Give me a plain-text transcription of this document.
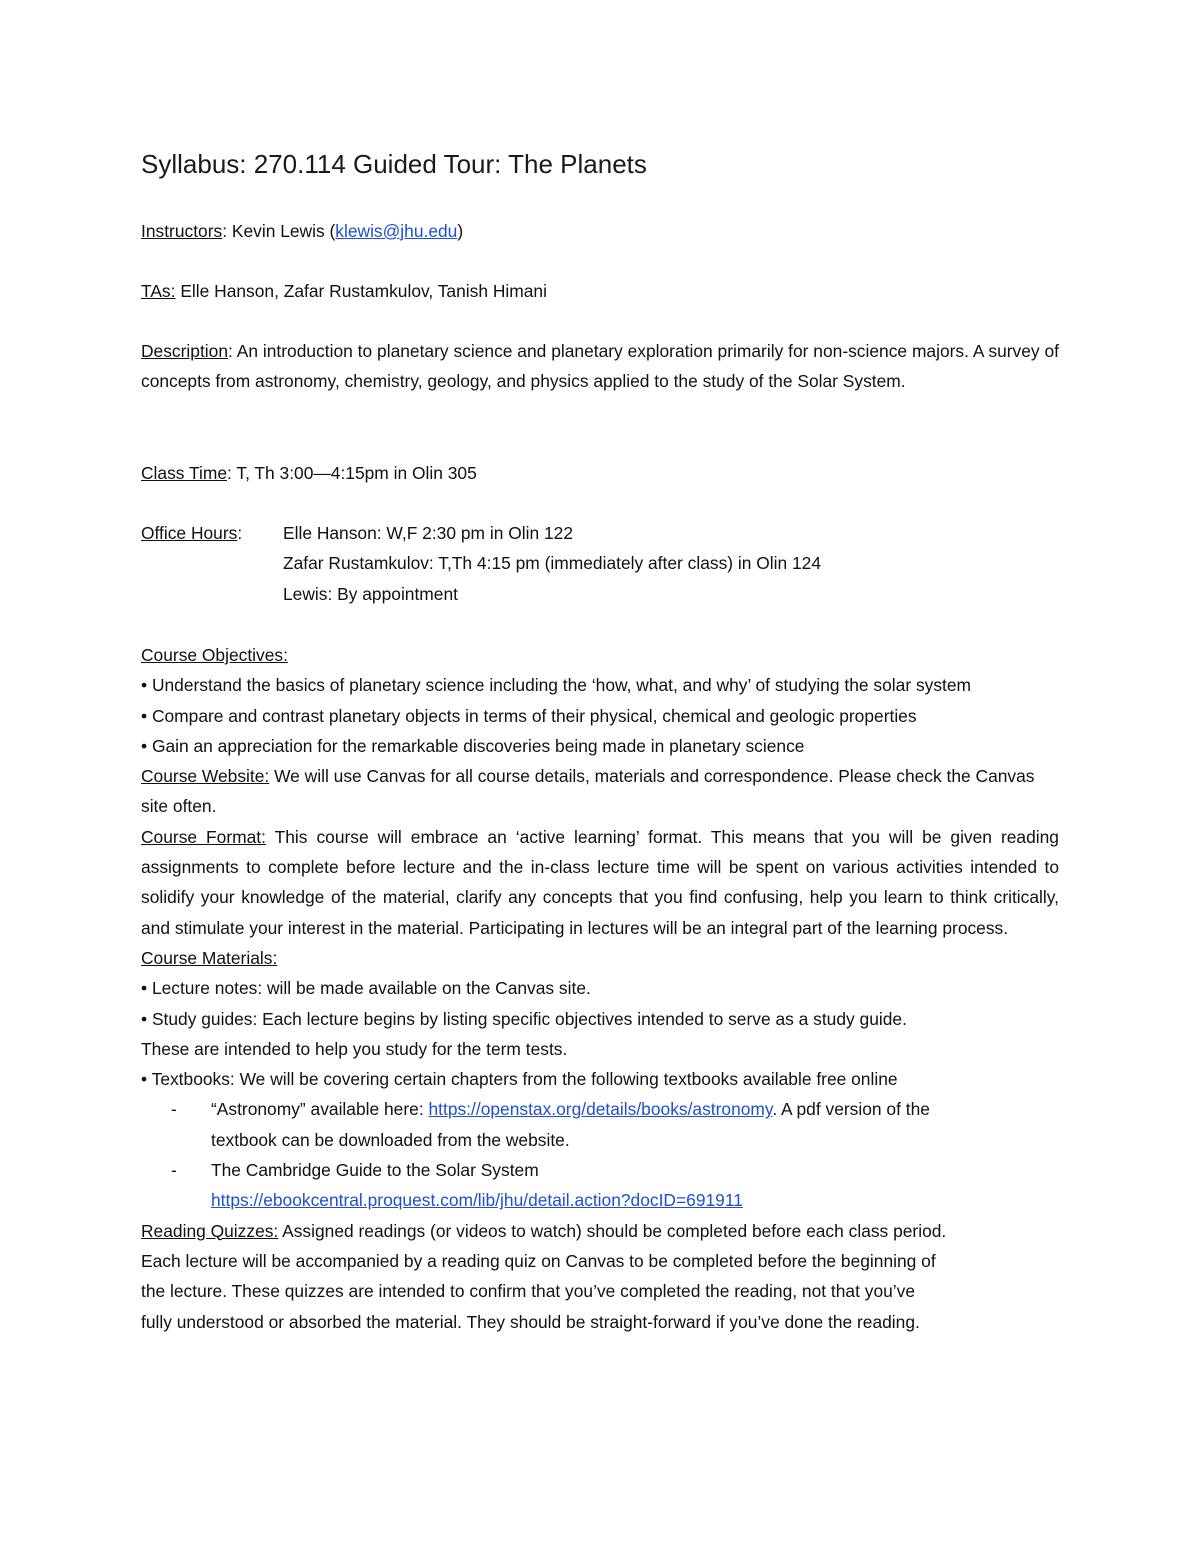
Syllabus: 270.114 Guided Tour: The Planets
Instructors: Kevin Lewis (klewis@jhu.edu)
TAs: Elle Hanson, Zafar Rustamkulov, Tanish Himani
Description: An introduction to planetary science and planetary exploration primarily for non-science majors. A survey of concepts from astronomy, chemistry, geology, and physics applied to the study of the Solar System.
Class Time: T, Th 3:00—4:15pm in Olin 305
Office Hours:	Elle Hanson: W,F 2:30 pm in Olin 122
Zafar Rustamkulov: T,Th 4:15 pm (immediately after class) in Olin 124
Lewis: By appointment
Course Objectives:
• Understand the basics of planetary science including the ‘how, what, and why’ of studying the solar system
• Compare and contrast planetary objects in terms of their physical, chemical and geologic properties
• Gain an appreciation for the remarkable discoveries being made in planetary science
Course Website: We will use Canvas for all course details, materials and correspondence. Please check the Canvas site often.
Course Format: This course will embrace an ‘active learning’ format. This means that you will be given reading assignments to complete before lecture and the in-class lecture time will be spent on various activities intended to solidify your knowledge of the material, clarify any concepts that you find confusing, help you learn to think critically, and stimulate your interest in the material. Participating in lectures will be an integral part of the learning process.
Course Materials:
• Lecture notes: will be made available on the Canvas site.
• Study guides: Each lecture begins by listing specific objectives intended to serve as a study guide.
These are intended to help you study for the term tests.
• Textbooks: We will be covering certain chapters from the following textbooks available free online
-	“Astronomy” available here: https://openstax.org/details/books/astronomy. A pdf version of the
textbook can be downloaded from the website.
-	The Cambridge Guide to the Solar System
https://ebookcentral.proquest.com/lib/jhu/detail.action?docID=691911
Reading Quizzes: Assigned readings (or videos to watch) should be completed before each class period.
Each lecture will be accompanied by a reading quiz on Canvas to be completed before the beginning of
the lecture. These quizzes are intended to confirm that you’ve completed the reading, not that you’ve
fully understood or absorbed the material. They should be straight-forward if you’ve done the reading.
